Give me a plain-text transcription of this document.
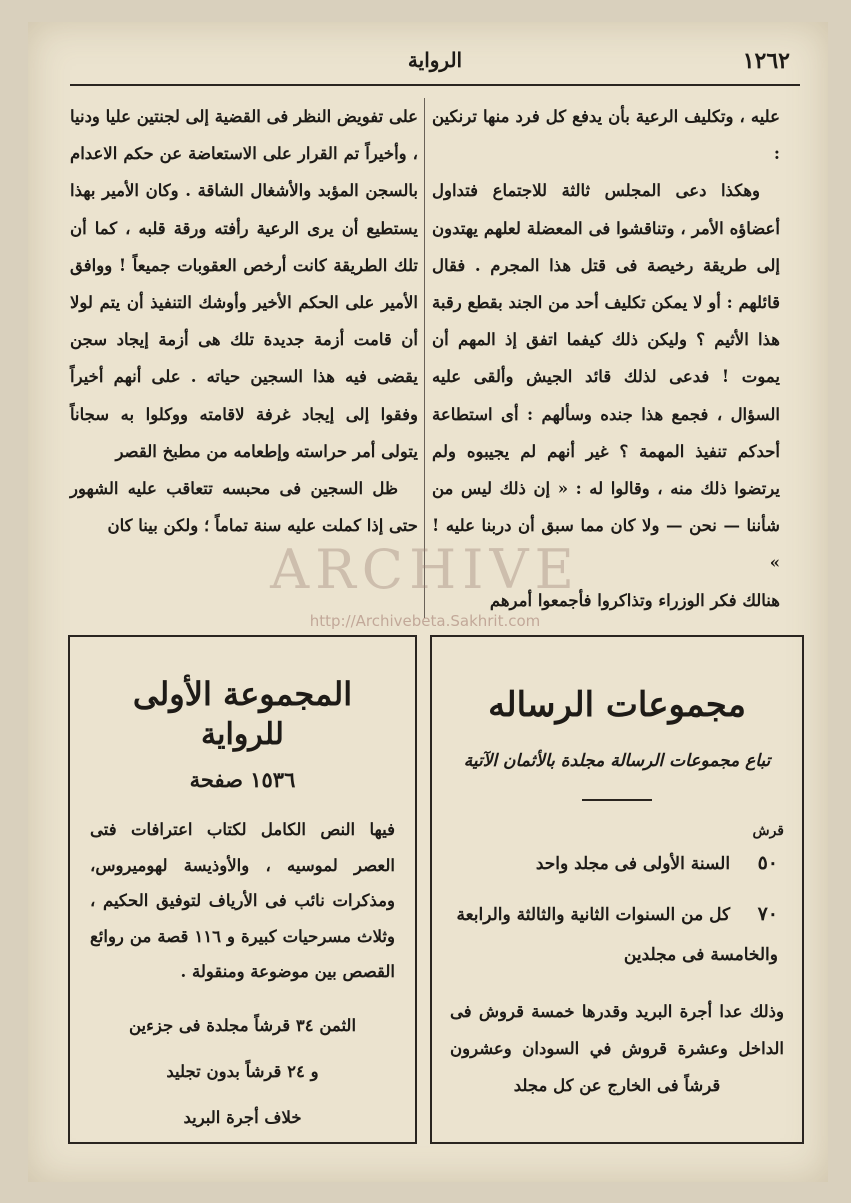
١٢٦٢
الرواية

عليه ، وتكليف الرعية بأن يدفع كل فرد منها ترنكين :

وهكذا دعى المجلس ثالثة للاجتماع فتداول أعضاؤه الأمر ، وتناقشوا فى المعضلة لعلهم يهتدون إلى طريقة رخيصة فى قتل هذا المجرم . فقال قائلهم : أو لا يمكن تكليف أحد من الجند بقطع رقبة هذا الأثيم ؟ وليكن ذلك كيفما اتفق إذ المهم أن يموت ! فدعى لذلك قائد الجيش وألقى عليه السؤال ، فجمع هذا جنده وسألهم : أى استطاعة أحدكم تنفيذ المهمة ؟ غير أنهم لم يجيبوه ولم يرتضوا ذلك منه ، وقالوا له : « إن ذلك ليس من شأننا — نحن — ولا كان مما سبق أن دربنا عليه ! »

هنالك فكر الوزراء وتذاكروا فأجمعوا أمرهم

على تفويض النظر فى القضية إلى لجنتين عليا ودنيا ، وأخيراً تم القرار على الاستعاضة عن حكم الاعدام بالسجن المؤبد والأشغال الشاقة . وكان الأمير بهذا يستطيع أن يرى الرعية رأفته ورقة قلبه ، كما أن تلك الطريقة كانت أرخص العقوبات جميعاً ! ووافق الأمير على الحكم الأخير وأوشك التنفيذ أن يتم لولا أن قامت أزمة جديدة تلك هى أزمة إيجاد سجن يقضى فيه هذا السجين حياته . على أنهم أخيراً وفقوا إلى إيجاد غرفة لاقامته ووكلوا به سجاناً يتولى أمر حراسته وإطعامه من مطبخ القصر

ظل السجين فى محبسه تتعاقب عليه الشهور حتى إذا كملت عليه سنة تماماً ؛ ولكن بينا كان

مجموعات الرساله
تباع مجموعات الرسالة مجلدة بالأثمان الآتية
قرش
٥٠ السنة الأولى فى مجلد واحد
٧٠ كل من السنوات الثانية والثالثة والرابعة والخامسة فى مجلدين
وذلك عدا أجرة البريد وقدرها خمسة قروش فى الداخل وعشرة قروش في السودان وعشرون قرشاً فى الخارج عن كل مجلد
المجموعة الأولى
للرواية
١٥٣٦ صفحة
فيها النص الكامل لكتاب اعترافات فتى العصر لموسيه ، والأوذيسة لهوميروس، ومذكرات نائب فى الأرياف لتوفيق الحكيم ، وثلاث مسرحيات كبيرة و ١١٦ قصة من روائع القصص بين موضوعة ومنقولة .
الثمن ٣٤ قرشاً مجلدة فى جزءين
و ٢٤ قرشاً بدون تجليد
خلاف أجرة البريد
ARCHIVE
http://Archivebeta.Sakhrit.com
